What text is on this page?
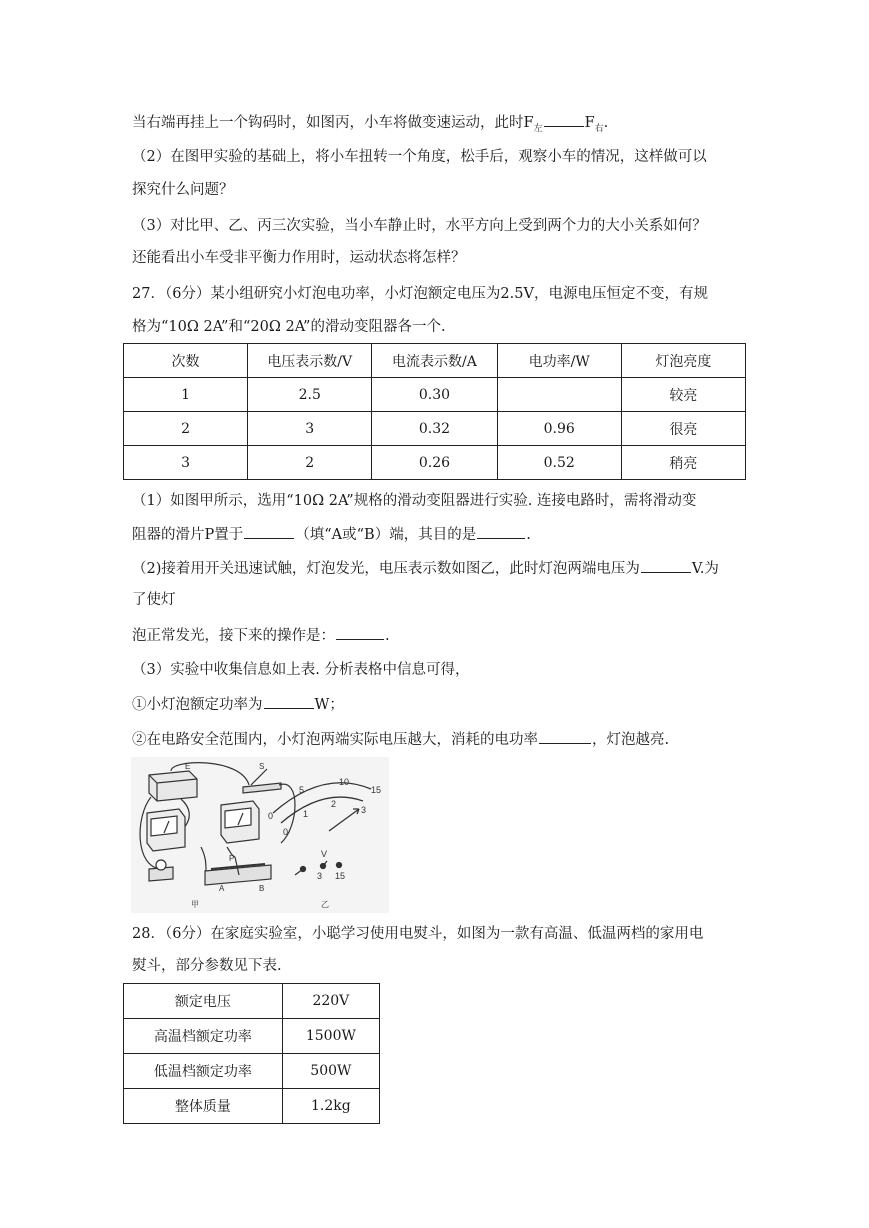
当右端再挂上一个钩码时，如图丙，小车将做变速运动，此时$F_左$	$F_右$.
（2）在图甲实验的基础上，将小车扭转一个角度，松手后，观察小车的情况，这样做可以
探究什么问题？
（3）对比甲、乙、丙三次实验，当小车静止时，水平方向上受到两个力的大小关系如何？
还能看出小车受非平衡力作用时，运动状态将怎样？
27．（6分）某小组研究小灯泡电功率，小灯泡额定电压为2.5V，电源电压恒定不变，有规
格为“10Ω 2A”和“20Ω 2A”的滑动变阻器各一个.
次数	电压表示数/V	电流表示数/A	电功率/W	灯泡亮度
1	2.5	0.30		较亮
2	3	0.32	0.96	很亮
3	2	0.26	0.52	稍亮
（1）如图甲所示，选用“10Ω 2A”规格的滑动变阻器进行实验. 连接电路时，需将滑动变
阻器的滑片P置于	（填“A或“B）端，其目的是	.
（2)接着用开关迅速试触，灯泡发光，电压表示数如图乙，此时灯泡两端电压为	V.为
了使灯
泡正常发光，接下来的操作是：	.
（3）实验中收集信息如上表. 分析表格中信息可得，
①小灯泡额定功率为	W；
②在电路安全范围内，小灯泡两端实际电压越大，消耗的电功率	，灯泡越亮.
E	S
P
A	B
甲
0
5
10
15
0
1
2
3
V
3 15
乙
28．（6分）在家庭实验室，小聪学习使用电熨斗，如图为一款有高温、低温两档的家用电
熨斗，部分参数见下表.
额定电压	220V
高温档额定功率	1500W
低温档额定功率	500W
整体质量	1.2kg
